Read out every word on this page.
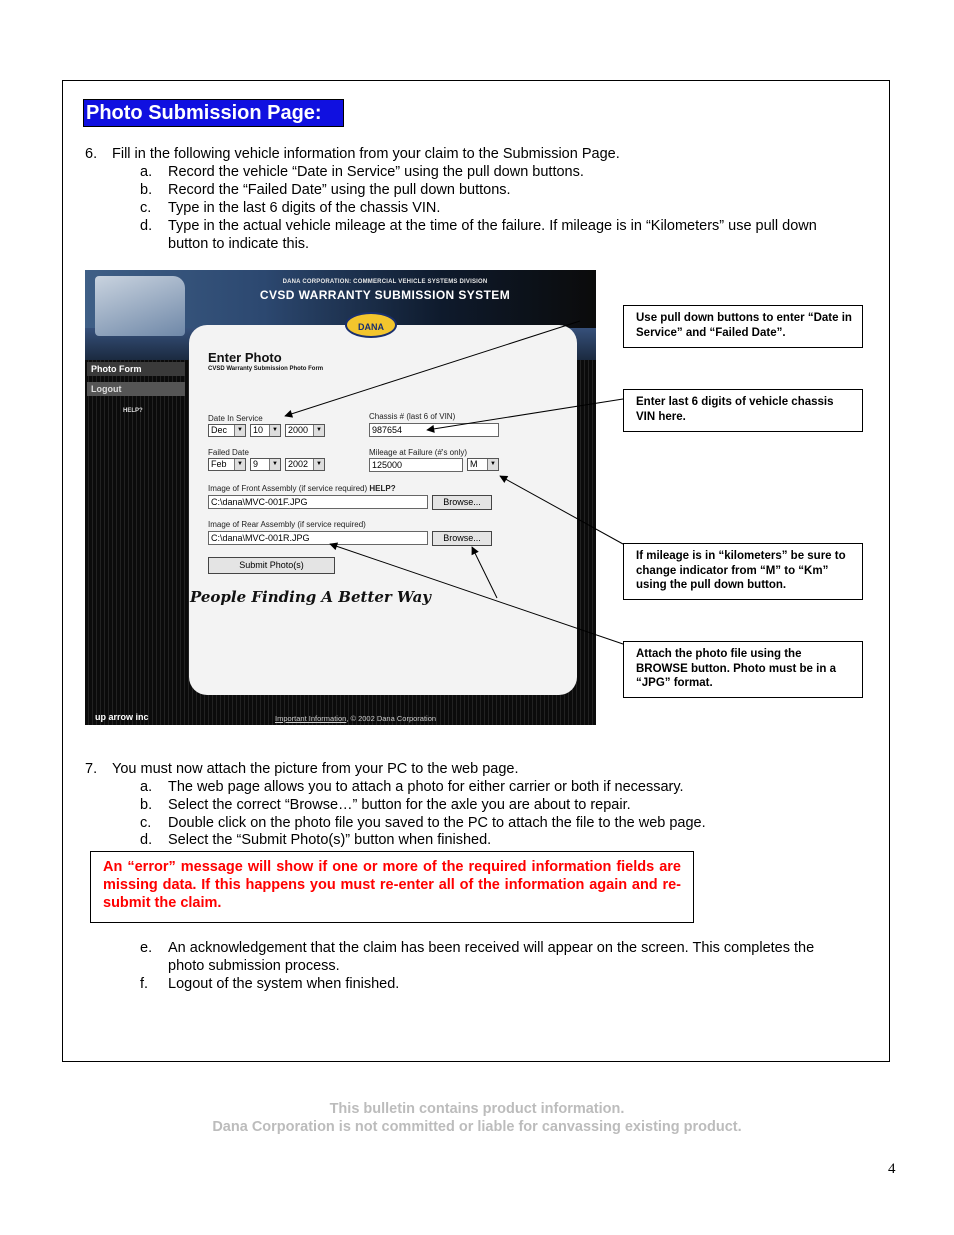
Photo Submission Page:
6. Fill in the following vehicle information from your claim to the Submission Page.
a. Record the vehicle “Date in Service” using the pull down buttons.
b. Record the “Failed Date” using the pull down buttons.
c. Type in the last 6 digits of the chassis VIN.
d. Type in the actual vehicle mileage at the time of the failure. If mileage is in “Kilometers” use pull down
button to indicate this.
DANA CORPORATION: COMMERCIAL VEHICLE SYSTEMS DIVISION
CVSD WARRANTY SUBMISSION SYSTEM
Photo Form
Logout
HELP?
Enter Photo
CVSD Warranty Submission Photo Form
Date In Service
Dec	▼	10	▼	2000	▼
Chassis # (last 6 of VIN)
987654
Failed Date
Feb	▼	9	▼	2002	▼
Mileage at Failure (#'s only)
125000	M	▼
Image of Front Assembly (if service required) HELP?
C:\dana\MVC-001F.JPG	Browse...
Image of Rear Assembly (if service required)
C:\dana\MVC-001R.JPG	Browse...
Submit Photo(s)
DANA
People Finding A Better Way
up arrow inc	Important Information, © 2002 Dana Corporation
Use pull down buttons to enter “Date in Service” and “Failed Date”.
Enter last 6 digits of vehicle chassis VIN here.
If mileage is in “kilometers” be sure to change indicator from “M” to “Km” using the pull down button.
Attach the photo file using the BROWSE button. Photo must be in a “JPG” format.
7. You must now attach the picture from your PC to the web page.
a. The web page allows you to attach a photo for either carrier or both if necessary.
b. Select the correct “Browse…” button for the axle you are about to repair.
c. Double click on the photo file you saved to the PC to attach the file to the web page.
d. Select the “Submit Photo(s)” button when finished.
An “error” message will show if one or more of the required information fields are missing data. If this happens you must re-enter all of the information again and re-submit the claim.
e. An acknowledgement that the claim has been received will appear on the screen. This completes the
photo submission process.
f. Logout of the system when finished.
This bulletin contains product information.
Dana Corporation is not committed or liable for canvassing existing product.
4
